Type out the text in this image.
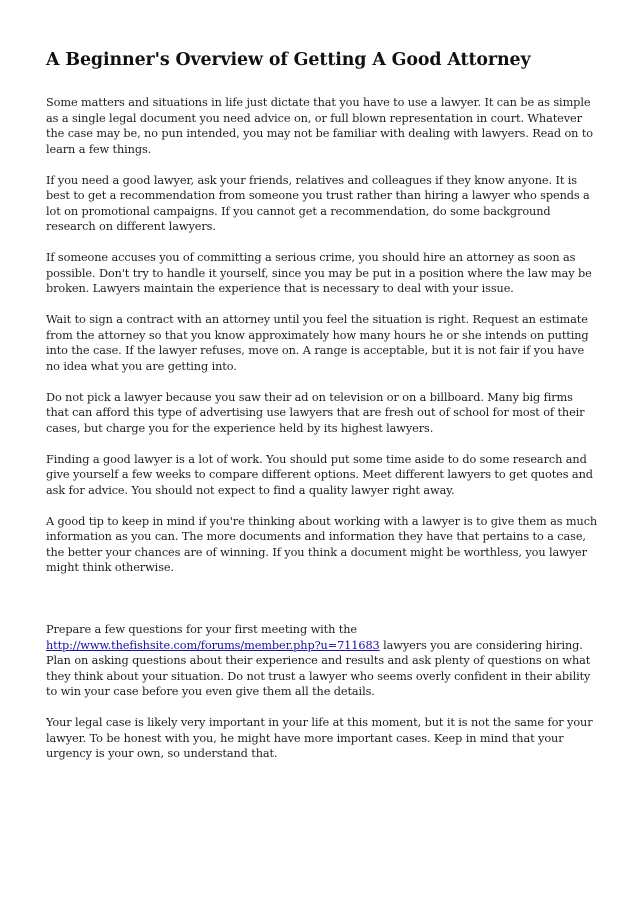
A Beginner's Overview of Getting A Good Attorney

Some matters and situations in life just dictate that you have to use a lawyer. It can be as simple as a single legal document you need advice on, or full blown representation in court. Whatever the case may be, no pun intended, you may not be familiar with dealing with lawyers. Read on to learn a few things.

If you need a good lawyer, ask your friends, relatives and colleagues if they know anyone. It is best to get a recommendation from someone you trust rather than hiring a lawyer who spends a lot on promotional campaigns. If you cannot get a recommendation, do some background research on different lawyers.

If someone accuses you of committing a serious crime, you should hire an attorney as soon as possible. Don't try to handle it yourself, since you may be put in a position where the law may be broken. Lawyers maintain the experience that is necessary to deal with your issue.

Wait to sign a contract with an attorney until you feel the situation is right. Request an estimate from the attorney so that you know approximately how many hours he or she intends on putting into the case. If the lawyer refuses, move on. A range is acceptable, but it is not fair if you have no idea what you are getting into.

Do not pick a lawyer because you saw their ad on television or on a billboard. Many big firms that can afford this type of advertising use lawyers that are fresh out of school for most of their cases, but charge you for the experience held by its highest lawyers.

Finding a good lawyer is a lot of work. You should put some time aside to do some research and give yourself a few weeks to compare different options. Meet different lawyers to get quotes and ask for advice. You should not expect to find a quality lawyer right away.

A good tip to keep in mind if you're thinking about working with a lawyer is to give them as much information as you can. The more documents and information they have that pertains to a case, the better your chances are of winning. If you think a document might be worthless, you lawyer might think otherwise.

Prepare a few questions for your first meeting with the http://www.thefishsite.com/forums/member.php?u=711683 lawyers you are considering hiring. Plan on asking questions about their experience and results and ask plenty of questions on what they think about your situation. Do not trust a lawyer who seems overly confident in their ability to win your case before you even give them all the details.

Your legal case is likely very important in your life at this moment, but it is not the same for your lawyer. To be honest with you, he might have more important cases. Keep in mind that your urgency is your own, so understand that.
